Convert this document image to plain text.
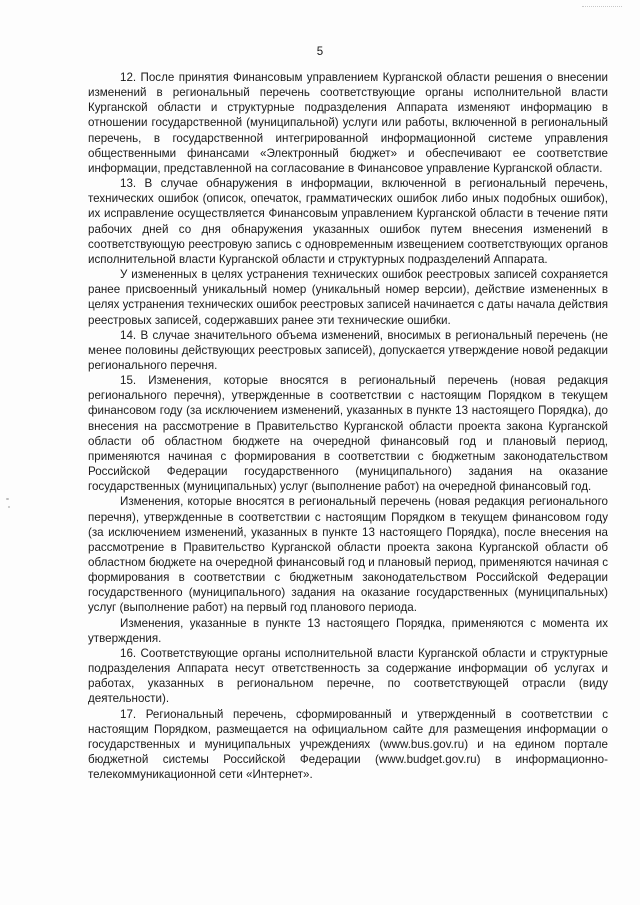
5

12. После принятия Финансовым управлением Курганской области решения о внесении изменений в региональный перечень соответствующие органы исполнительной власти Курганской области и структурные подразделения Аппарата изменяют информацию в отношении государственной (муниципальной) услуги или работы, включенной в региональный перечень, в государственной интегрированной информационной системе управления общественными финансами «Электронный бюджет» и обеспечивают ее соответствие информации, представленной на согласование в Финансовое управление Курганской области.

13. В случае обнаружения в информации, включенной в региональный перечень, технических ошибок (описок, опечаток, грамматических ошибок либо иных подобных ошибок), их исправление осуществляется Финансовым управлением Курганской области в течение пяти рабочих дней со дня обнаружения указанных ошибок путем внесения изменений в соответствующую реестровую запись с одновременным извещением соответствующих органов исполнительной власти Курганской области и структурных подразделений Аппарата.

У измененных в целях устранения технических ошибок реестровых записей сохраняется ранее присвоенный уникальный номер (уникальный номер версии), действие измененных в целях устранения технических ошибок реестровых записей начинается с даты начала действия реестровых записей, содержавших ранее эти технические ошибки.

14. В случае значительного объема изменений, вносимых в региональный перечень (не менее половины действующих реестровых записей), допускается утверждение новой редакции регионального перечня.

15. Изменения, которые вносятся в региональный перечень (новая редакция регионального перечня), утвержденные в соответствии с настоящим Порядком в текущем финансовом году (за исключением изменений, указанных в пункте 13 настоящего Порядка), до внесения на рассмотрение в Правительство Курганской области проекта закона Курганской области об областном бюджете на очередной финансовый год и плановый период, применяются начиная с формирования в соответствии с бюджетным законодательством Российской Федерации государственного (муниципального) задания на оказание государственных (муниципальных) услуг (выполнение работ) на очередной финансовый год.

Изменения, которые вносятся в региональный перечень (новая редакция регионального перечня), утвержденные в соответствии с настоящим Порядком в текущем финансовом году (за исключением изменений, указанных в пункте 13 настоящего Порядка), после внесения на рассмотрение в Правительство Курганской области проекта закона Курганской области об областном бюджете на очередной финансовый год и плановый период, применяются начиная с формирования в соответствии с бюджетным законодательством Российской Федерации государственного (муниципального) задания на оказание государственных (муниципальных) услуг (выполнение работ) на первый год планового периода.

Изменения, указанные в пункте 13 настоящего Порядка, применяются с момента их утверждения.

16. Соответствующие органы исполнительной власти Курганской области и структурные подразделения Аппарата несут ответственность за содержание информации об услугах и работах, указанных в региональном перечне, по соответствующей отрасли (виду деятельности).

17. Региональный перечень, сформированный и утвержденный в соответствии с настоящим Порядком, размещается на официальном сайте для размещения информации о государственных и муниципальных учреждениях (www.bus.gov.ru) и на едином портале бюджетной системы Российской Федерации (www.budget.gov.ru) в информационно-телекоммуникационной сети «Интернет».
